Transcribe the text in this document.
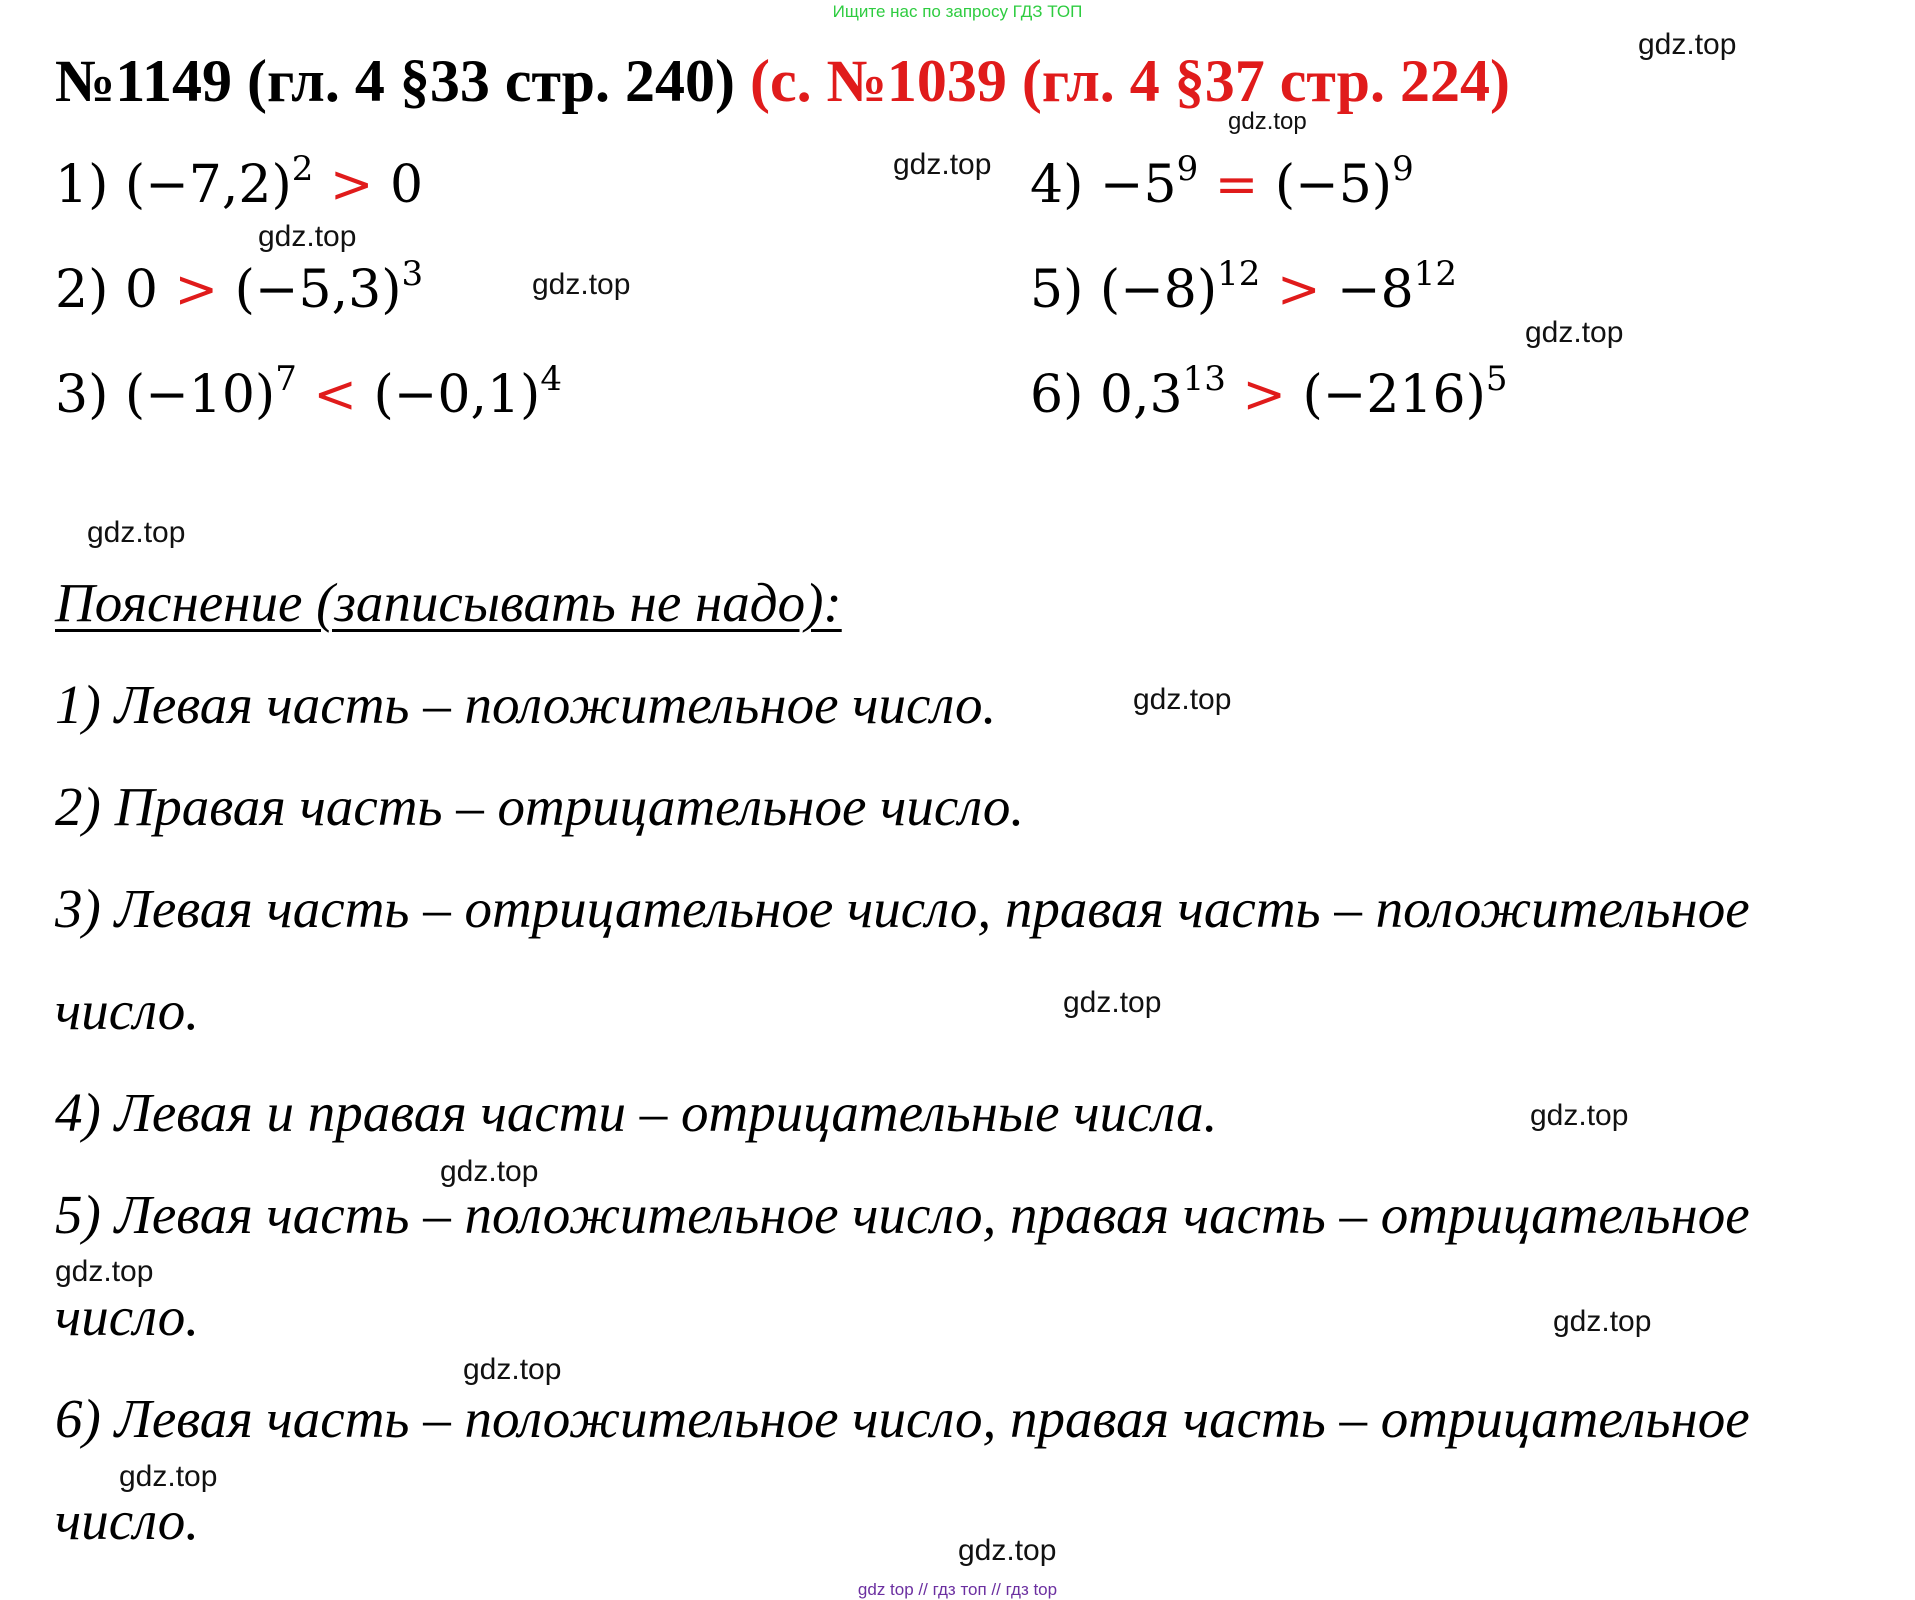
Ищите нас по запросу ГДЗ ТОП
№1149 (гл. 4 §33 стр. 240) (с. №1039 (гл. 4 §37 стр. 224)
1) $(-7,2)^2 > 0$
2) $0 > (-5,3)^3$
3) $(-10)^7 < (-0,1)^4$
$4) -5^9 = (-5)^9$
5) $(-8)^{12} > -8^{12}$
6) $0,3^{13} > (-216)^5$
Пояснение (записывать не надо):
1) Левая часть – положительное число.
2) Правая часть – отрицательное число.
3) Левая часть – отрицательное число, правая часть – положительное
число.
4) Левая и правая части – отрицательные числа.
5) Левая часть – положительное число, правая часть – отрицательное
число.
6) Левая часть – положительное число, правая часть – отрицательное
число.
gdz.top
gdz.top
gdz.top
gdz.top
gdz.top
gdz.top
gdz.top
gdz.top
gdz.top
gdz.top
gdz.top
gdz.top
gdz.top
gdz.top
gdz.top
gdz.top
gdz top // гдз топ // гдз top
